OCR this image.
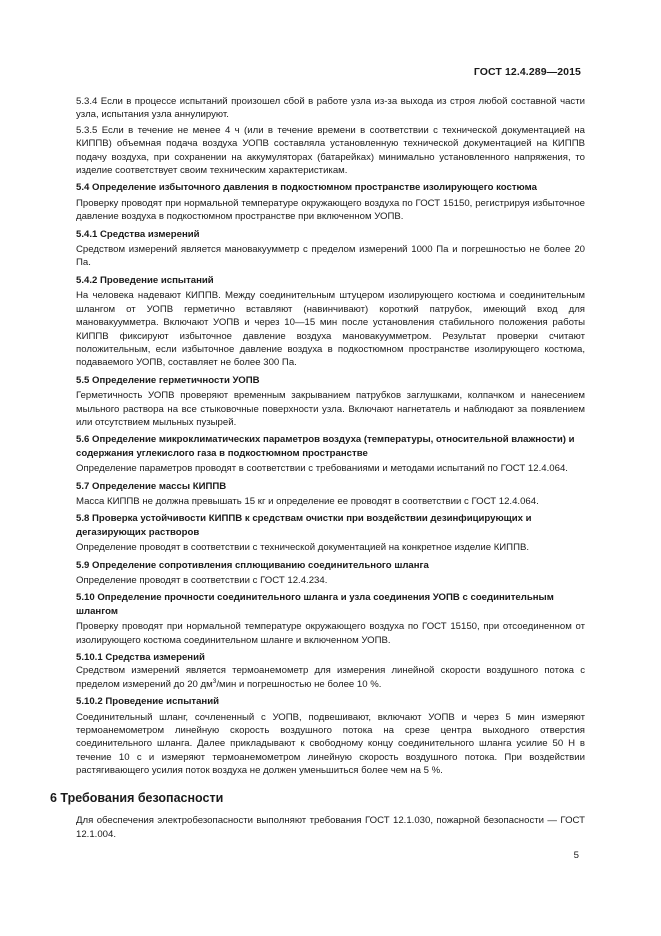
ГОСТ 12.4.289—2015

5.3.4 Если в процессе испытаний произошел сбой в работе узла из-за выхода из строя любой составной части узла, испытания узла аннулируют.

5.3.5 Если в течение не менее 4 ч (или в течение времени в соответствии с технической документацией на КИППВ) объемная подача воздуха УОПВ составляла установленную технической документацией на КИППВ подачу воздуха, при сохранении на аккумуляторах (батарейках) минимально установленного напряжения, то изделие соответствует своим техническим характеристикам.

5.4 Определение избыточного давления в подкостюмном пространстве изолирующего костюма

Проверку проводят при нормальной температуре окружающего воздуха по ГОСТ 15150, регистрируя избыточное давление воздуха в подкостюмном пространстве при включенном УОПВ.

5.4.1 Средства измерений

Средством измерений является мановакуумметр с пределом измерений 1000 Па и погрешностью не более 20 Па.

5.4.2 Проведение испытаний

На человека надевают КИППВ. Между соединительным штуцером изолирующего костюма и соединительным шлангом от УОПВ герметично вставляют (навинчивают) короткий патрубок, имеющий вход для мановакуумметра. Включают УОПВ и через 10—15 мин после установления стабильного положения работы КИППВ фиксируют избыточное давление воздуха мановакуумметром. Результат проверки считают положительным, если избыточное давление воздуха в подкостюмном пространстве изолирующего костюма, подаваемого УОПВ, составляет не более 300 Па.

5.5 Определение герметичности УОПВ

Герметичность УОПВ проверяют временным закрыванием патрубков заглушками, колпачком и нанесением мыльного раствора на все стыковочные поверхности узла. Включают нагнетатель и наблюдают за появлением или отсутствием мыльных пузырей.

5.6 Определение микроклиматических параметров воздуха (температуры, относительной влажности) и содержания углекислого газа в подкостюмном пространстве

Определение параметров проводят в соответствии с требованиями и методами испытаний по ГОСТ 12.4.064.

5.7 Определение массы КИППВ

Масса КИППВ не должна превышать 15 кг и определение ее проводят в соответствии с ГОСТ 12.4.064.

5.8 Проверка устойчивости КИППВ к средствам очистки при воздействии дезинфицирующих и дегазирующих растворов

Определение проводят в соответствии с технической документацией на конкретное изделие КИППВ.

5.9 Определение сопротивления сплющиванию соединительного шланга

Определение проводят в соответствии с ГОСТ 12.4.234.

5.10 Определение прочности соединительного шланга и узла соединения УОПВ с соединительным шлангом

Проверку проводят при нормальной температуре окружающего воздуха по ГОСТ 15150, при отсоединенном от изолирующего костюма соединительном шланге и включенном УОПВ.

5.10.1 Средства измерений

Средством измерений является термоанемометр для измерения линейной скорости воздушного потока с пределом измерений до 20 $дм^3$/мин и погрешностью не более 10 %.

5.10.2 Проведение испытаний

Соединительный шланг, сочлененный с УОПВ, подвешивают, включают УОПВ и через 5 мин измеряют термоанемометром линейную скорость воздушного потока на срезе центра выходного отверстия соединительного шланга. Далее прикладывают к свободному концу соединительного шланга усилие 50 Н в течение 10 с и измеряют термоанемометром линейную скорость воздушного потока. При воздействии растягивающего усилия поток воздуха не должен уменьшиться более чем на 5 %.

6 Требования безопасности

Для обеспечения электробезопасности выполняют требования ГОСТ 12.1.030, пожарной безопасности — ГОСТ 12.1.004.

5
